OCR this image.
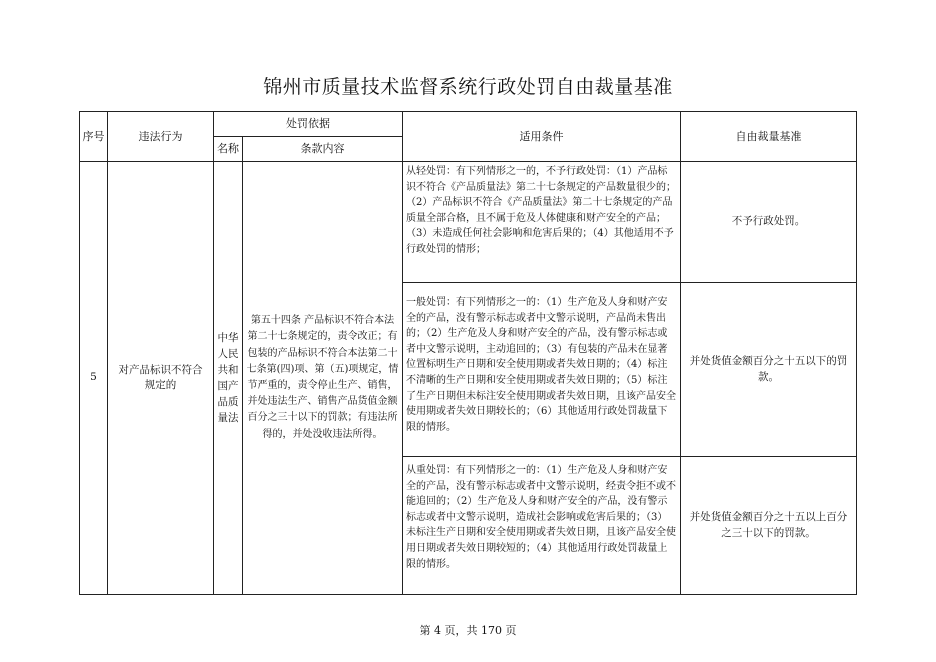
锦州市质量技术监督系统行政处罚自由裁量基准
序号	违法行为	处罚依据		适用条件	自由裁量基准
		名称	条款内容		
5	对产品标识不符合规定的	中华人民共和国产品质量法	第五十四条 产品标识不符合本法第二十七条规定的，责令改正；有包装的产品标识不符合本法第二十七条第(四)项、第（五)项规定，情节严重的，责令停止生产、销售，并处违法生产、销售产品货值金额百分之三十以下的罚款；有违法所得的，并处没收违法所得。	从轻处罚：有下列情形之一的，不予行政处罚：（1）产品标识不符合《产品质量法》第二十七条规定的产品数量很少的；（2）产品标识不符合《产品质量法》第二十七条规定的产品质量全部合格，且不属于危及人体健康和财产安全的产品；（3）未造成任何社会影响和危害后果的；（4）其他适用不予行政处罚的情形；	不予行政处罚。
				一般处罚：有下列情形之一的：（1）生产危及人身和财产安全的产品，没有警示标志或者中文警示说明，产品尚未售出的；（2）生产危及人身和财产安全的产品，没有警示标志或者中文警示说明，主动追回的；（3）有包装的产品未在显著位置标明生产日期和安全使用期或者失效日期的；（4）标注不清晰的生产日期和安全使用期或者失效日期的；（5）标注了生产日期但未标注安全使用期或者失效日期，且该产品安全使用期或者失效日期较长的；（6）其他适用行政处罚裁量下限的情形。	并处货值金额百分之十五以下的罚款。
				从重处罚：有下列情形之一的：（1）生产危及人身和财产安全的产品，没有警示标志或者中文警示说明，经责令拒不或不能追回的；（2）生产危及人身和财产安全的产品，没有警示标志或者中文警示说明，造成社会影响或危害后果的；（3）未标注生产日期和安全使用期或者失效日期，且该产品安全使用日期或者失效日期较短的；（4）其他适用行政处罚裁量上限的情形。	并处货值金额百分之十五以上百分之三十以下的罚款。
第 4 页，共 170 页
